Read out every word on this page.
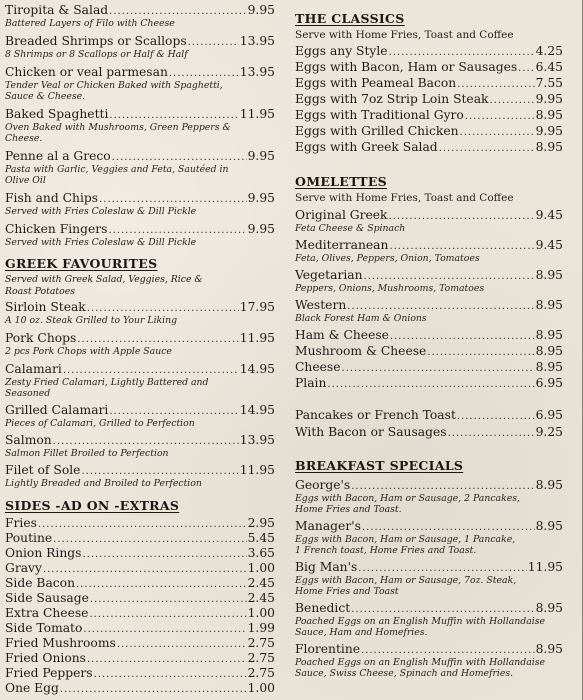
Tiropita & Salad .....	9.95
Battered Layers of Filo with Cheese
Breaded Shrimps or Scallops .....	13.95
8 Shrimps or 8 Scallops or Half & Half
Chicken or veal parmesan .....	13.95
Tender Veal or Chicken Baked with Spaghetti,
Sauce & Cheese.
Baked Spaghetti .....	11.95
Oven Baked with Mushrooms, Green Peppers &
Cheese.
Penne al a Greco .....	9.95
Pasta with Garlic, Veggies and Feta, Sautéed in
Olive Oil
Fish and Chips .....	9.95
Served with Fries Coleslaw & Dill Pickle
Chicken Fingers .....	9.95
Served with Fries Coleslaw & Dill Pickle
GREEK FAVOURITES
Served with Greek Salad, Veggies, Rice &
Roast Potatoes
Sirloin Steak .....	17.95
A 10 oz. Steak Grilled to Your Liking
Pork Chops .....	11.95
2 pcs Pork Chops with Apple Sauce
Calamari .....	14.95
Zesty Fried Calamari, Lightly Battered and
Seasoned
Grilled Calamari .....	14.95
Pieces of Calamari, Grilled to Perfection
Salmon .....	13.95
Salmon Fillet Broiled to Perfection
Filet of Sole .....	11.95
Lightly Breaded and Broiled to Perfection
SIDES -AD ON -EXTRAS
Fries .....	2.95
Poutine .....	5.45
Onion Rings .....	3.65
Gravy .....	1.00
Side Bacon .....	2.45
Side Sausage .....	2.45
Extra Cheese .....	1.00
Side Tomato .....	1.99
Fried Mushrooms .....	2.75
Fried Onions .....	2.75
Fried Peppers .....	2.75
One Egg .....	1.00
THE CLASSICS
Serve with Home Fries, Toast and Coffee
Eggs any Style .....	4.25
Eggs with Bacon, Ham or Sausages ..... 6.45
Eggs with Peameal Bacon .....	7.55
Eggs with 7oz Strip Loin Steak .....	9.95
Eggs with Traditional Gyro .....	8.95
Eggs with Grilled Chicken .....	9.95
Eggs with Greek Salad .....	8.95
OMELETTES
Serve with Home Fries, Toast and Coffee
Original Greek .....	9.45
Feta Cheese & Spinach
Mediterranean .....	9.45
Feta, Olives, Peppers, Onion, Tomatoes
Vegetarian .....	8.95
Peppers, Onions, Mushrooms, Tomatoes
Western .....	8.95
Black Forest Ham & Onions
Ham & Cheese .....	8.95
Mushroom & Cheese .....	8.95
Cheese .....	8.95
Plain .....	6.95
Pancakes or French Toast .....	6.95
With Bacon or Sausages .....	9.25
BREAKFAST SPECIALS
George's .....	8.95
Eggs with Bacon, Ham or Sausage, 2 Pancakes,
Home Fries and Toast.
Manager's .....	8.95
Eggs with Bacon, Ham or Sausage, 1 Pancake,
1 French toast, Home Fries and Toast.
Big Man's .....	11.95
Eggs with Bacon, Ham or Sausage, 7oz. Steak,
Home Fries and Toast
Benedict .....	8.95
Poached Eggs on an English Muffin with Hollandaise
Sauce, Ham and Homefries.
Florentine .....	8.95
Poached Eggs on an English Muffin with Hollandaise
Sauce, Swiss Cheese, Spinach and Homefries.
